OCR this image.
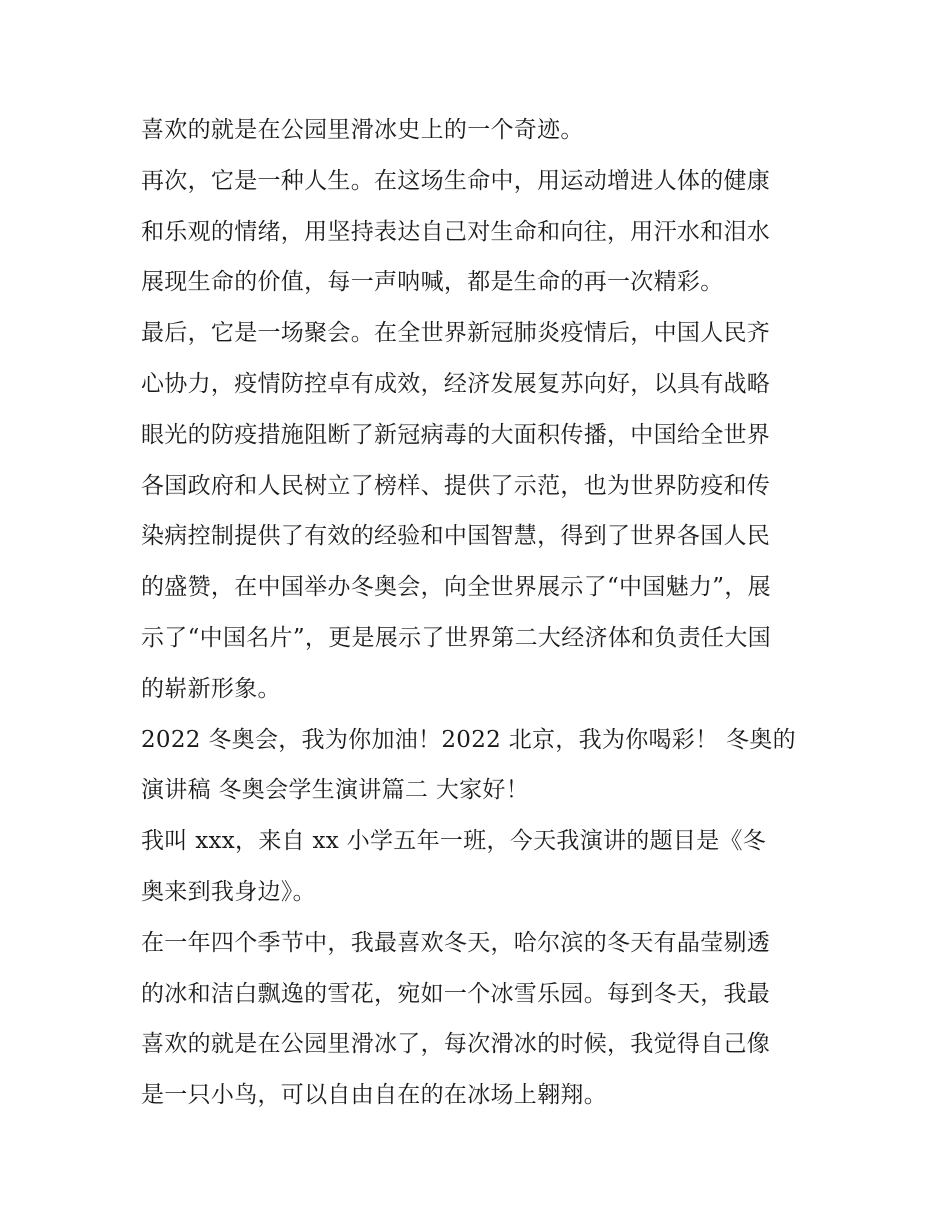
喜欢的就是在公园里滑冰史上的一个奇迹。
再次，它是一种人生。在这场生命中，用运动增进人体的健康
和乐观的情绪，用坚持表达自己对生命和向往，用汗水和泪水
展现生命的价值，每一声呐喊，都是生命的再一次精彩。
最后，它是一场聚会。在全世界新冠肺炎疫情后，中国人民齐
心协力，疫情防控卓有成效，经济发展复苏向好，以具有战略
眼光的防疫措施阻断了新冠病毒的大面积传播，中国给全世界
各国政府和人民树立了榜样、提供了示范，也为世界防疫和传
染病控制提供了有效的经验和中国智慧，得到了世界各国人民
的盛赞，在中国举办冬奥会，向全世界展示了“中国魅力”，展
示了“中国名片”，更是展示了世界第二大经济体和负责任大国
的崭新形象。
2022 冬奥会，我为你加油！2022 北京，我为你喝彩！ 冬奥的
演讲稿 冬奥会学生演讲篇二 大家好！
我叫 xxx，来自 xx 小学五年一班，今天我演讲的题目是《冬
奥来到我身边》。
在一年四个季节中，我最喜欢冬天，哈尔滨的冬天有晶莹剔透
的冰和洁白飘逸的雪花，宛如一个冰雪乐园。每到冬天，我最
喜欢的就是在公园里滑冰了，每次滑冰的时候，我觉得自己像
是一只小鸟，可以自由自在的在冰场上翱翔。
